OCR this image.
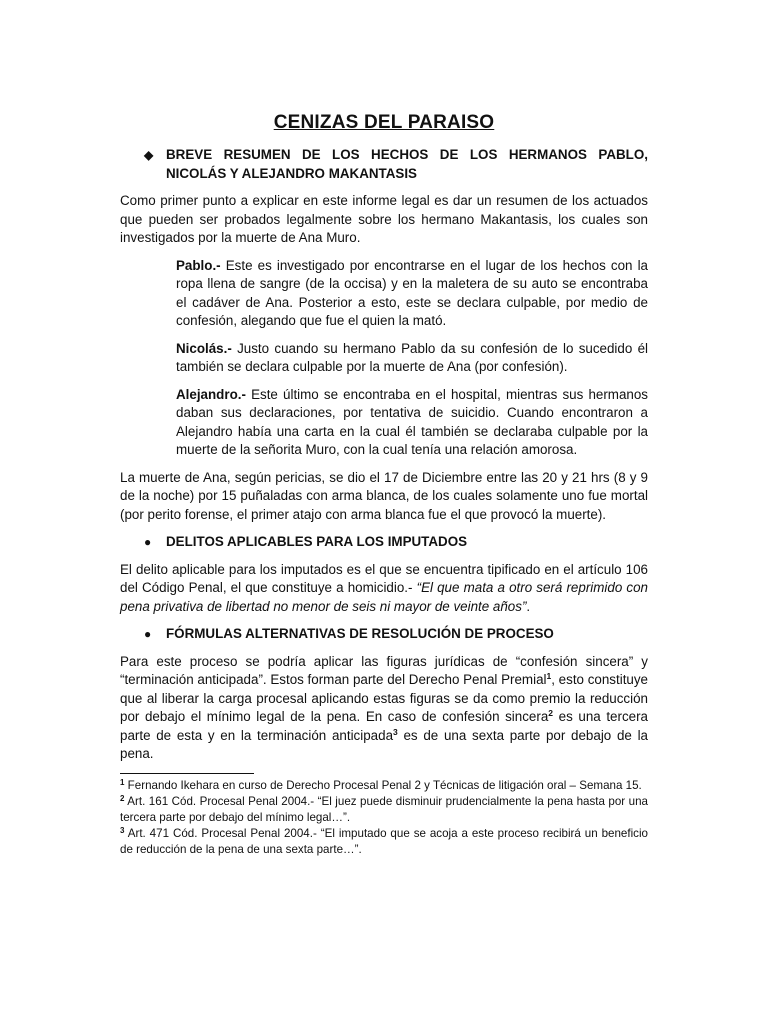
CENIZAS DEL PARAISO
◆ BREVE RESUMEN DE LOS HECHOS DE LOS HERMANOS PABLO, NICOLÁS Y ALEJANDRO MAKANTASIS

Como primer punto a explicar en este informe legal es dar un resumen de los actuados que pueden ser probados legalmente sobre los hermano Makantasis, los cuales son investigados por la muerte de Ana Muro.

Pablo.- Este es investigado por encontrarse en el lugar de los hechos con la ropa llena de sangre (de la occisa) y en la maletera de su auto se encontraba el cadáver de Ana. Posterior a esto, este se declara culpable, por medio de confesión, alegando que fue el quien la mató.

Nicolás.- Justo cuando su hermano Pablo da su confesión de lo sucedido él también se declara culpable por la muerte de Ana (por confesión).

Alejandro.- Este último se encontraba en el hospital, mientras sus hermanos daban sus declaraciones, por tentativa de suicidio. Cuando encontraron a Alejandro había una carta en la cual él también se declaraba culpable por la muerte de la señorita Muro, con la cual tenía una relación amorosa.

La muerte de Ana, según pericias, se dio el 17 de Diciembre entre las 20 y 21 hrs (8 y 9 de la noche) por 15 puñaladas con arma blanca, de los cuales solamente uno fue mortal (por perito forense, el primer atajo con arma blanca fue el que provocó la muerte).

●	DELITOS APLICABLES PARA LOS IMPUTADOS

El delito aplicable para los imputados es el que se encuentra tipificado en el artículo 106 del Código Penal, el que constituye a homicidio.- “El que mata a otro será reprimido con pena privativa de libertad no menor de seis ni mayor de veinte años”.

●	FÓRMULAS ALTERNATIVAS DE RESOLUCIÓN DE PROCESO

Para este proceso se podría aplicar las figuras jurídicas de “confesión sincera” y “terminación anticipada”. Estos forman parte del Derecho Penal Premial$^1$, esto constituye que al liberar la carga procesal aplicando estas figuras se da como premio la reducción por debajo el mínimo legal de la pena. En caso de confesión sincera$^2$ es una tercera parte de esta y en la terminación anticipada$^3$ es de una sexta parte por debajo de la pena.

$^1$ Fernando Ikehara en curso de Derecho Procesal Penal 2 y Técnicas de litigación oral – Semana 15.

$^2$ Art. 161 Cód. Procesal Penal 2004.- “El juez puede disminuir prudencialmente la pena hasta por una tercera parte por debajo del mínimo legal…”.

$^3$ Art. 471 Cód. Procesal Penal 2004.- “El imputado que se acoja a este proceso recibirá un beneficio de reducción de la pena de una sexta parte…”.
